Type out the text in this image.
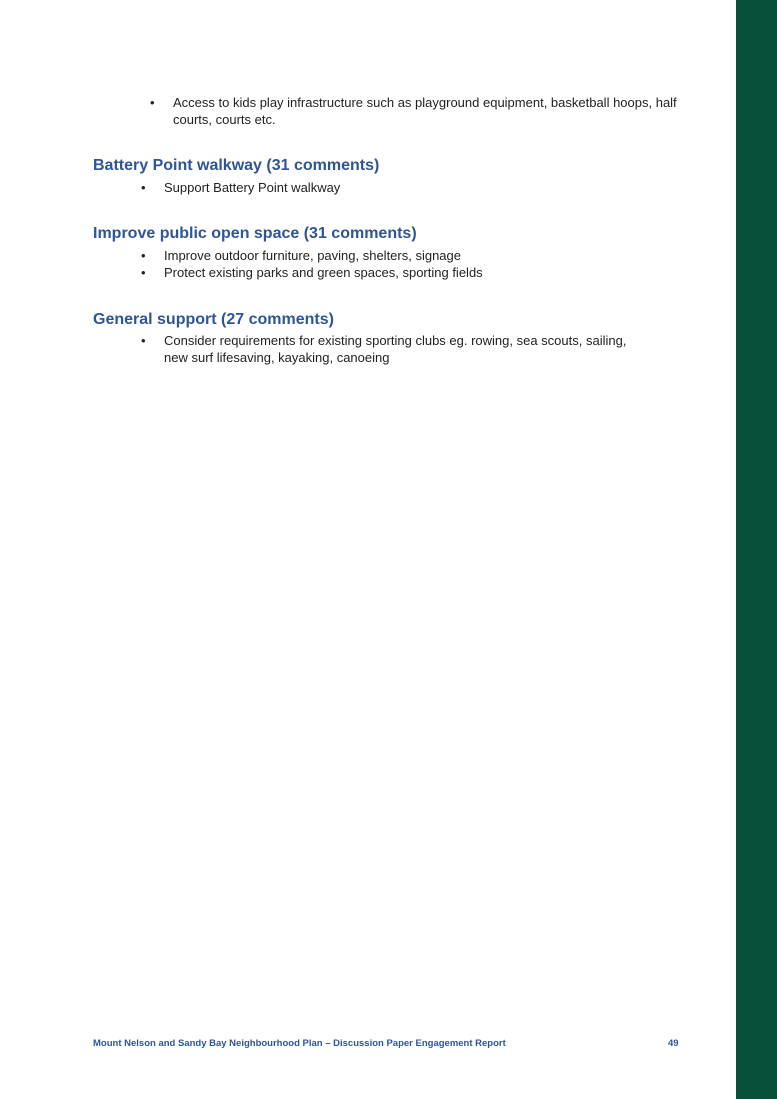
• Access to kids play infrastructure such as playground equipment, basketball hoops, half courts, courts etc.
Battery Point walkway (31 comments)
• Support Battery Point walkway
Improve public open space (31 comments)
• Improve outdoor furniture, paving, shelters, signage
• Protect existing parks and green spaces, sporting fields
General support (27 comments)
• Consider requirements for existing sporting clubs eg. rowing, sea scouts, sailing, new surf lifesaving, kayaking, canoeing
Mount Nelson and Sandy Bay Neighbourhood Plan – Discussion Paper Engagement Report	49
